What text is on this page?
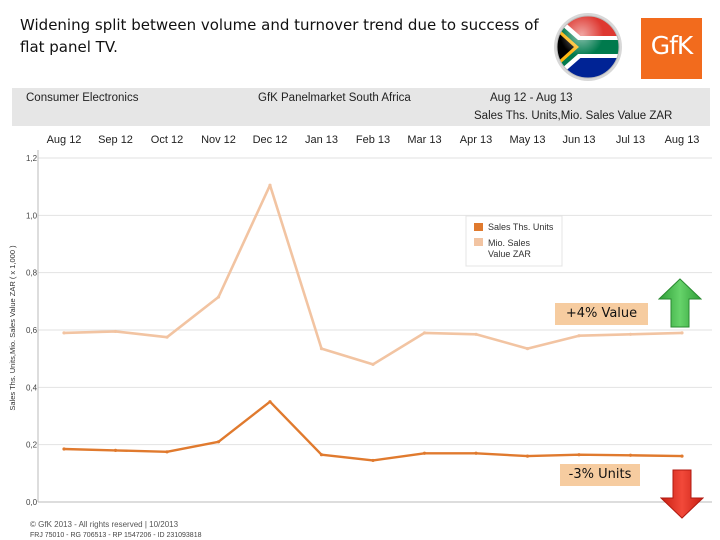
Widening split between volume and turnover trend due to success of flat panel TV.	GfK
Consumer Electronics	GfK Panelmarket South Africa	Aug 12 - Aug 13
Sales Ths. Units,Mio. Sales Value ZAR
1,2
1,0
0,8
0,6
0,4
0,2
0,0
Aug 12 Sep 12 Oct 12 Nov 12 Dec 12 Jan 13 Feb 13 Mar 13 Apr 13 May 13 Jun 13 Jul 13 Aug 13
Sales Ths. Units,Mio. Sales Value ZAR ( x 1,000 )
Sales Ths. Units
Mio. Sales Value ZAR
+4% Value
-3% Units
© GfK 2013 - All rights reserved | 10/2013
FRJ 75010 - RG 706513 - RP 1547206 - ID 231093818
